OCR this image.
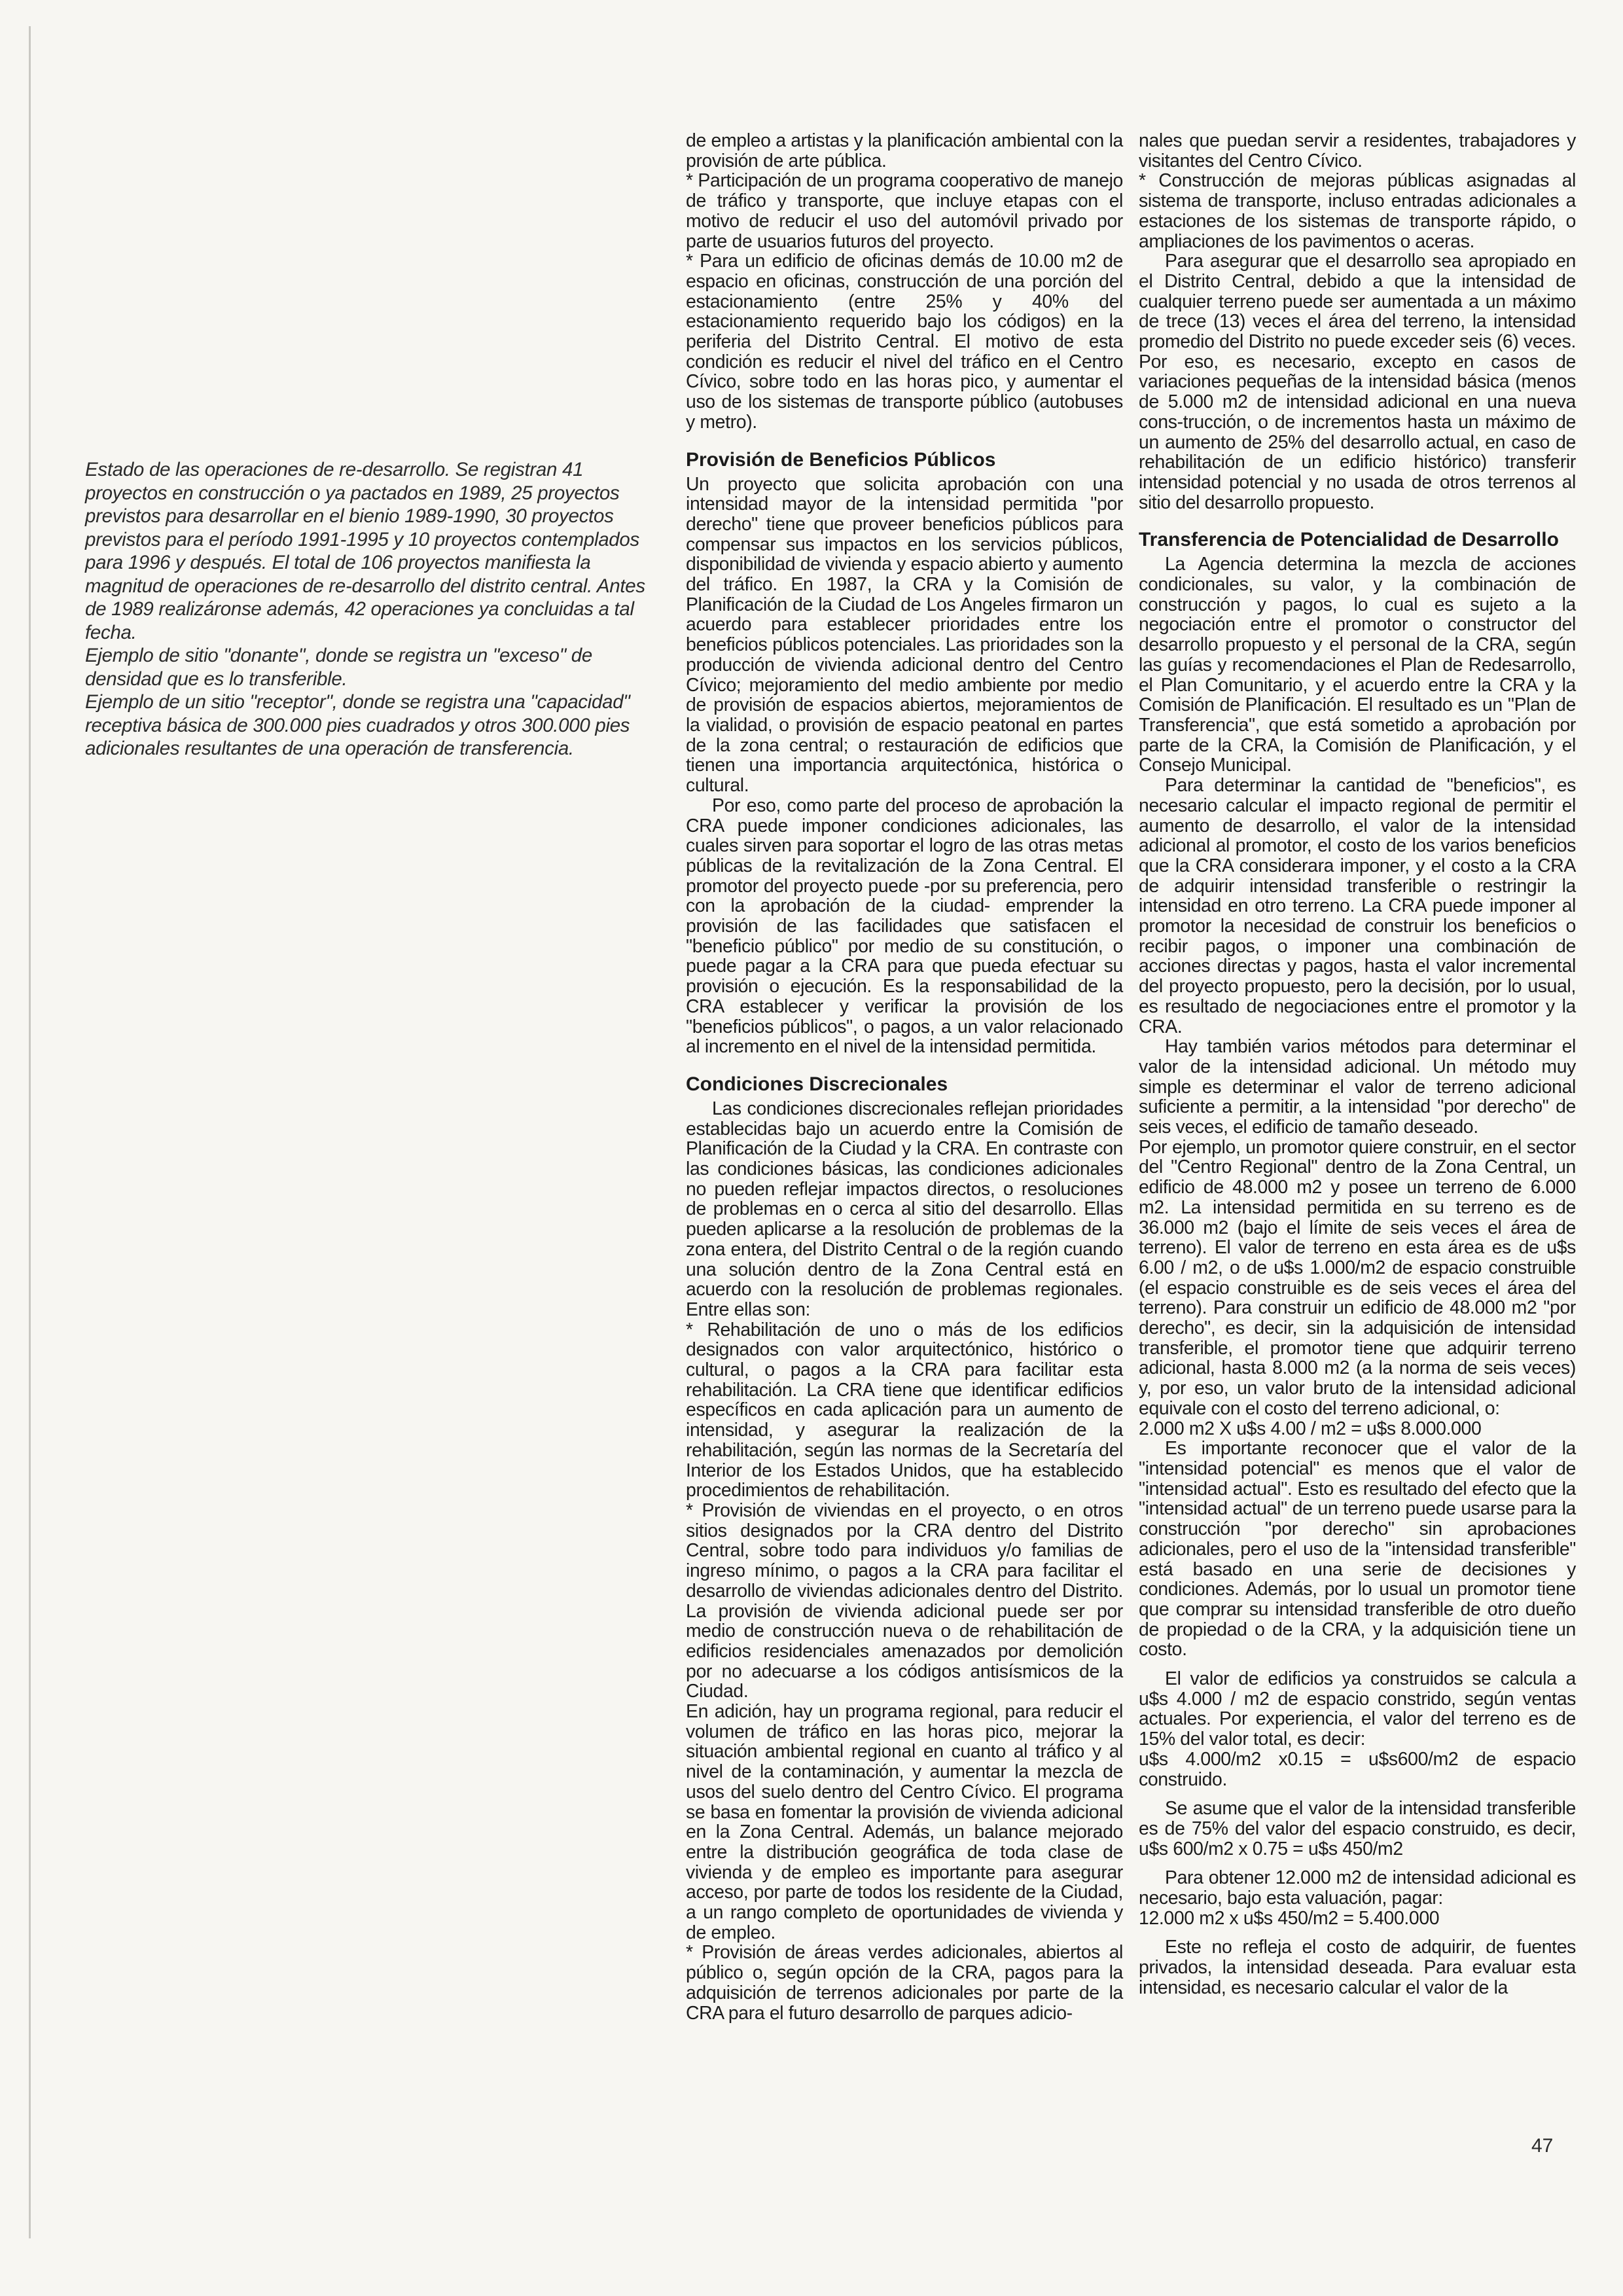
Estado de las operaciones de re-desarrollo. Se registran 41 proyectos en construcción o ya pactados en 1989, 25 proyectos previstos para desarrollar en el bienio 1989-1990, 30 proyectos previstos para el período 1991-1995 y 10 proyectos contemplados para 1996 y después. El total de 106 proyectos manifiesta la magnitud de operaciones de re-desarrollo del distrito central. Antes de 1989 realizáronse además, 42 operaciones ya concluidas a tal fecha.

Ejemplo de sitio "donante", donde se registra un "exceso" de densidad que es lo transferible.

Ejemplo de un sitio "receptor", donde se registra una "capacidad" receptiva básica de 300.000 pies cuadrados y otros 300.000 pies adicionales resultantes de una operación de transferencia.

de empleo a artistas y la planificación ambiental con la provisión de arte pública.

* Participación de un programa cooperativo de manejo de tráfico y transporte, que incluye etapas con el motivo de reducir el uso del automóvil privado por parte de usuarios futuros del proyecto.

* Para un edificio de oficinas demás de 10.00 m2 de espacio en oficinas, construcción de una porción del estacionamiento (entre 25% y 40% del estacionamiento requerido bajo los códigos) en la periferia del Distrito Central. El motivo de esta condición es reducir el nivel del tráfico en el Centro Cívico, sobre todo en las horas pico, y aumentar el uso de los sistemas de transporte público (autobuses y metro).

Provisión de Beneficios Públicos

Un proyecto que solicita aprobación con una intensidad mayor de la intensidad permitida "por derecho" tiene que proveer beneficios públicos para compensar sus impactos en los servicios públicos, disponibilidad de vivienda y espacio abierto y aumento del tráfico. En 1987, la CRA y la Comisión de Planificación de la Ciudad de Los Angeles firmaron un acuerdo para establecer prioridades entre los beneficios públicos potenciales. Las prioridades son la producción de vivienda adicional dentro del Centro Cívico; mejoramiento del medio ambiente por medio de provisión de espacios abiertos, mejoramientos de la vialidad, o provisión de espacio peatonal en partes de la zona central; o restauración de edificios que tienen una importancia arquitectónica, histórica o cultural.

Por eso, como parte del proceso de aprobación la CRA puede imponer condiciones adicionales, las cuales sirven para soportar el logro de las otras metas públicas de la revitalización de la Zona Central. El promotor del proyecto puede -por su preferencia, pero con la aprobación de la ciudad- emprender la provisión de las facilidades que satisfacen el "beneficio público" por medio de su constitución, o puede pagar a la CRA para que pueda efectuar su provisión o ejecución. Es la responsabilidad de la CRA establecer y verificar la provisión de los "beneficios públicos", o pagos, a un valor relacionado al incremento en el nivel de la intensidad permitida.

Condiciones Discrecionales

Las condiciones discrecionales reflejan prioridades establecidas bajo un acuerdo entre la Comisión de Planificación de la Ciudad y la CRA. En contraste con las condiciones básicas, las condiciones adicionales no pueden reflejar impactos directos, o resoluciones de problemas en o cerca al sitio del desarrollo. Ellas pueden aplicarse a la resolución de problemas de la zona entera, del Distrito Central o de la región cuando una solución dentro de la Zona Central está en acuerdo con la resolución de problemas regionales. Entre ellas son:

* Rehabilitación de uno o más de los edificios designados con valor arquitectónico, histórico o cultural, o pagos a la CRA para facilitar esta rehabilitación. La CRA tiene que identificar edificios específicos en cada aplicación para un aumento de intensidad, y asegurar la realización de la rehabilitación, según las normas de la Secretaría del Interior de los Estados Unidos, que ha establecido procedimientos de rehabilitación.

* Provisión de viviendas en el proyecto, o en otros sitios designados por la CRA dentro del Distrito Central, sobre todo para individuos y/o familias de ingreso mínimo, o pagos a la CRA para facilitar el desarrollo de viviendas adicionales dentro del Distrito. La provisión de vivienda adicional puede ser por medio de construcción nueva o de rehabilitación de edificios residenciales amenazados por demolición por no adecuarse a los códigos antisísmicos de la Ciudad.

En adición, hay un programa regional, para reducir el volumen de tráfico en las horas pico, mejorar la situación ambiental regional en cuanto al tráfico y al nivel de la contaminación, y aumentar la mezcla de usos del suelo dentro del Centro Cívico. El programa se basa en fomentar la provisión de vivienda adicional en la Zona Central. Además, un balance mejorado entre la distribución geográfica de toda clase de vivienda y de empleo es importante para asegurar acceso, por parte de todos los residente de la Ciudad, a un rango completo de oportunidades de vivienda y de empleo.

* Provisión de áreas verdes adicionales, abiertos al público o, según opción de la CRA, pagos para la adquisición de terrenos adicionales por parte de la CRA para el futuro desarrollo de parques adicio-

nales que puedan servir a residentes, trabajadores y visitantes del Centro Cívico.

* Construcción de mejoras públicas asignadas al sistema de transporte, incluso entradas adicionales a estaciones de los sistemas de transporte rápido, o ampliaciones de los pavimentos o aceras.

Para asegurar que el desarrollo sea apropiado en el Distrito Central, debido a que la intensidad de cualquier terreno puede ser aumentada a un máximo de trece (13) veces el área del terreno, la intensidad promedio del Distrito no puede exceder seis (6) veces. Por eso, es necesario, excepto en casos de variaciones pequeñas de la intensidad básica (menos de 5.000 m2 de intensidad adicional en una nueva cons-trucción, o de incrementos hasta un máximo de un aumento de 25% del desarrollo actual, en caso de rehabilitación de un edificio histórico) transferir intensidad potencial y no usada de otros terrenos al sitio del desarrollo propuesto.

Transferencia de Potencialidad de Desarrollo

La Agencia determina la mezcla de acciones condicionales, su valor, y la combinación de construcción y pagos, lo cual es sujeto a la negociación entre el promotor o constructor del desarrollo propuesto y el personal de la CRA, según las guías y recomendaciones el Plan de Redesarrollo, el Plan Comunitario, y el acuerdo entre la CRA y la Comisión de Planificación. El resultado es un "Plan de Transferencia", que está sometido a aprobación por parte de la CRA, la Comisión de Planificación, y el Consejo Municipal.

Para determinar la cantidad de "beneficios", es necesario calcular el impacto regional de permitir el aumento de desarrollo, el valor de la intensidad adicional al promotor, el costo de los varios beneficios que la CRA considerara imponer, y el costo a la CRA de adquirir intensidad transferible o restringir la intensidad en otro terreno. La CRA puede imponer al promotor la necesidad de construir los beneficios o recibir pagos, o imponer una combinación de acciones directas y pagos, hasta el valor incremental del proyecto propuesto, pero la decisión, por lo usual, es resultado de negociaciones entre el promotor y la CRA.

Hay también varios métodos para determinar el valor de la intensidad adicional. Un método muy simple es determinar el valor de terreno adicional suficiente a permitir, a la intensidad "por derecho" de seis veces, el edificio de tamaño deseado.

Por ejemplo, un promotor quiere construir, en el sector del "Centro Regional" dentro de la Zona Central, un edificio de 48.000 m2 y posee un terreno de 6.000 m2. La intensidad permitida en su terreno es de 36.000 m2 (bajo el límite de seis veces el área de terreno). El valor de terreno en esta área es de u$s 6.00 / m2, o de u$s 1.000/m2 de espacio construible (el espacio construible es de seis veces el área del terreno). Para construir un edificio de 48.000 m2 "por derecho", es decir, sin la adquisición de intensidad transferible, el promotor tiene que adquirir terreno adicional, hasta 8.000 m2 (a la norma de seis veces) y, por eso, un valor bruto de la intensidad adicional equivale con el costo del terreno adicional, o:

2.000 m2 X u$s 4.00 / m2 = u$s 8.000.000

Es importante reconocer que el valor de la "intensidad potencial" es menos que el valor de "intensidad actual". Esto es resultado del efecto que la "intensidad actual" de un terreno puede usarse para la construcción "por derecho" sin aprobaciones adicionales, pero el uso de la "intensidad transferible" está basado en una serie de decisiones y condiciones. Además, por lo usual un promotor tiene que comprar su intensidad transferible de otro dueño de propiedad o de la CRA, y la adquisición tiene un costo.

El valor de edificios ya construidos se calcula a u$s 4.000 / m2 de espacio constrido, según ventas actuales. Por experiencia, el valor del terreno es de 15% del valor total, es decir:

u$s 4.000/m2 x0.15 = u$s600/m2 de espacio construido.

Se asume que el valor de la intensidad transferible es de 75% del valor del espacio construido, es decir, u$s 600/m2 x 0.75 = u$s 450/m2

Para obtener 12.000 m2 de intensidad adicional es necesario, bajo esta valuación, pagar:

12.000 m2 x u$s 450/m2 = 5.400.000

Este no refleja el costo de adquirir, de fuentes privados, la intensidad deseada. Para evaluar esta intensidad, es necesario calcular el valor de la

47
